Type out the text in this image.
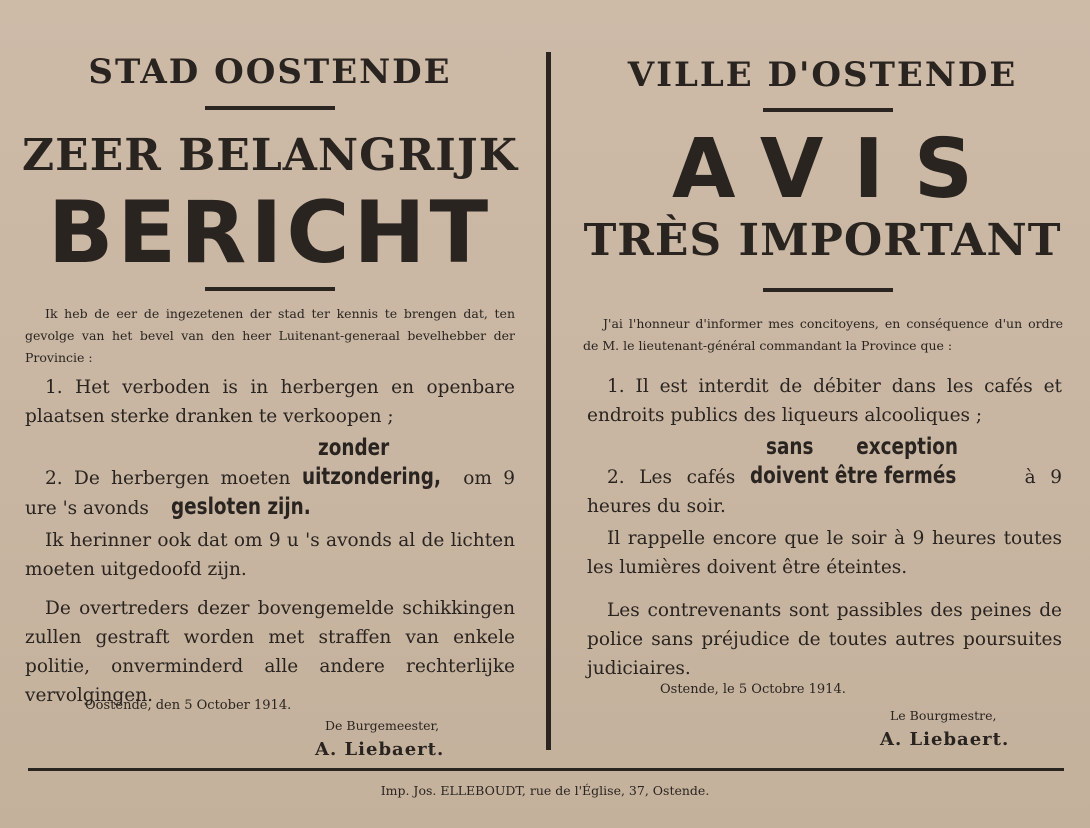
STAD OOSTENDE
ZEER BELANGRIJK
BERICHT
Ik heb de eer de ingezetenen der stad ter kennis te brengen dat, ten gevolge van het bevel van den heer Luitenant-generaal bevelhebber der Provincie :

1. Het verboden is in herbergen en openbare plaatsen sterke dranken te verkoopen ;

2. De herbergen moeten zonder uitzondering, om 9 ure 's avonds gesloten zijn.

Ik herinner ook dat om 9 u 's avonds al de lichten moeten uitgedoofd zijn.

De overtreders dezer bovengemelde schikkingen zullen gestraft worden met straffen van enkele politie, onverminderd alle andere rechterlijke vervolgingen.

Oostende, den 5 October 1914.
De Burgemeester,
A. Liebaert.
VILLE D'OSTENDE
AVIS
TRÈS IMPORTANT
J'ai l'honneur d'informer mes concitoyens, en conséquence d'un ordre de M. le lieutenant-général commandant la Province que :

1. Il est interdit de débiter dans les cafés et endroits publics des liqueurs alcooliques ;

2. Les cafés sans exception doivent être fermés	à 9 heures du soir.

Il rappelle encore que le soir à 9 heures toutes les lumières doivent être éteintes.

Les contrevenants sont passibles des peines de police sans préjudice de toutes autres poursuites judiciaires.

Ostende, le 5 Octobre 1914.
Le Bourgmestre,
A. Liebaert.
Imp. Jos. ELLEBOUDT, rue de l'Église, 37, Ostende.
